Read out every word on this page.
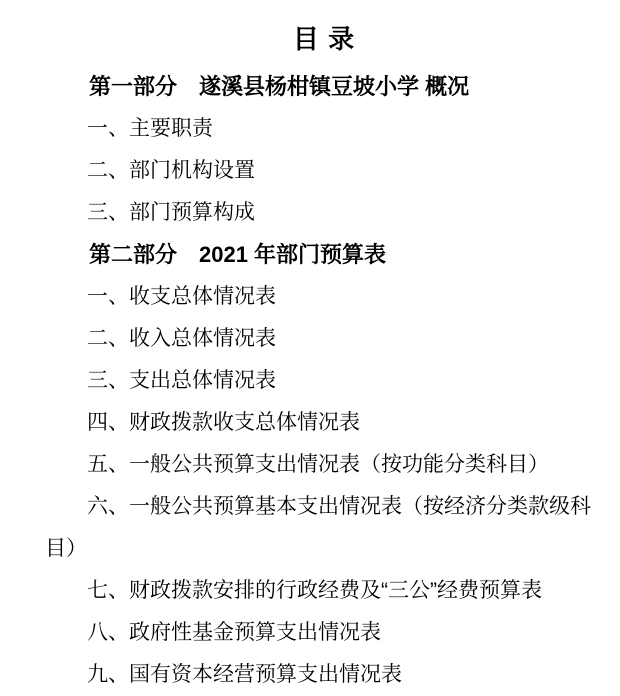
目 录

第一部分　遂溪县杨柑镇豆坡小学 概况

一、主要职责

二、部门机构设置

三、部门预算构成

第二部分　2021 年部门预算表

一、收支总体情况表

二、收入总体情况表

三、支出总体情况表

四、财政拨款收支总体情况表

五、一般公共预算支出情况表（按功能分类科目）

六、一般公共预算基本支出情况表（按经济分类款级科目）

七、财政拨款安排的行政经费及“三公”经费预算表

八、政府性基金预算支出情况表

九、国有资本经营预算支出情况表
